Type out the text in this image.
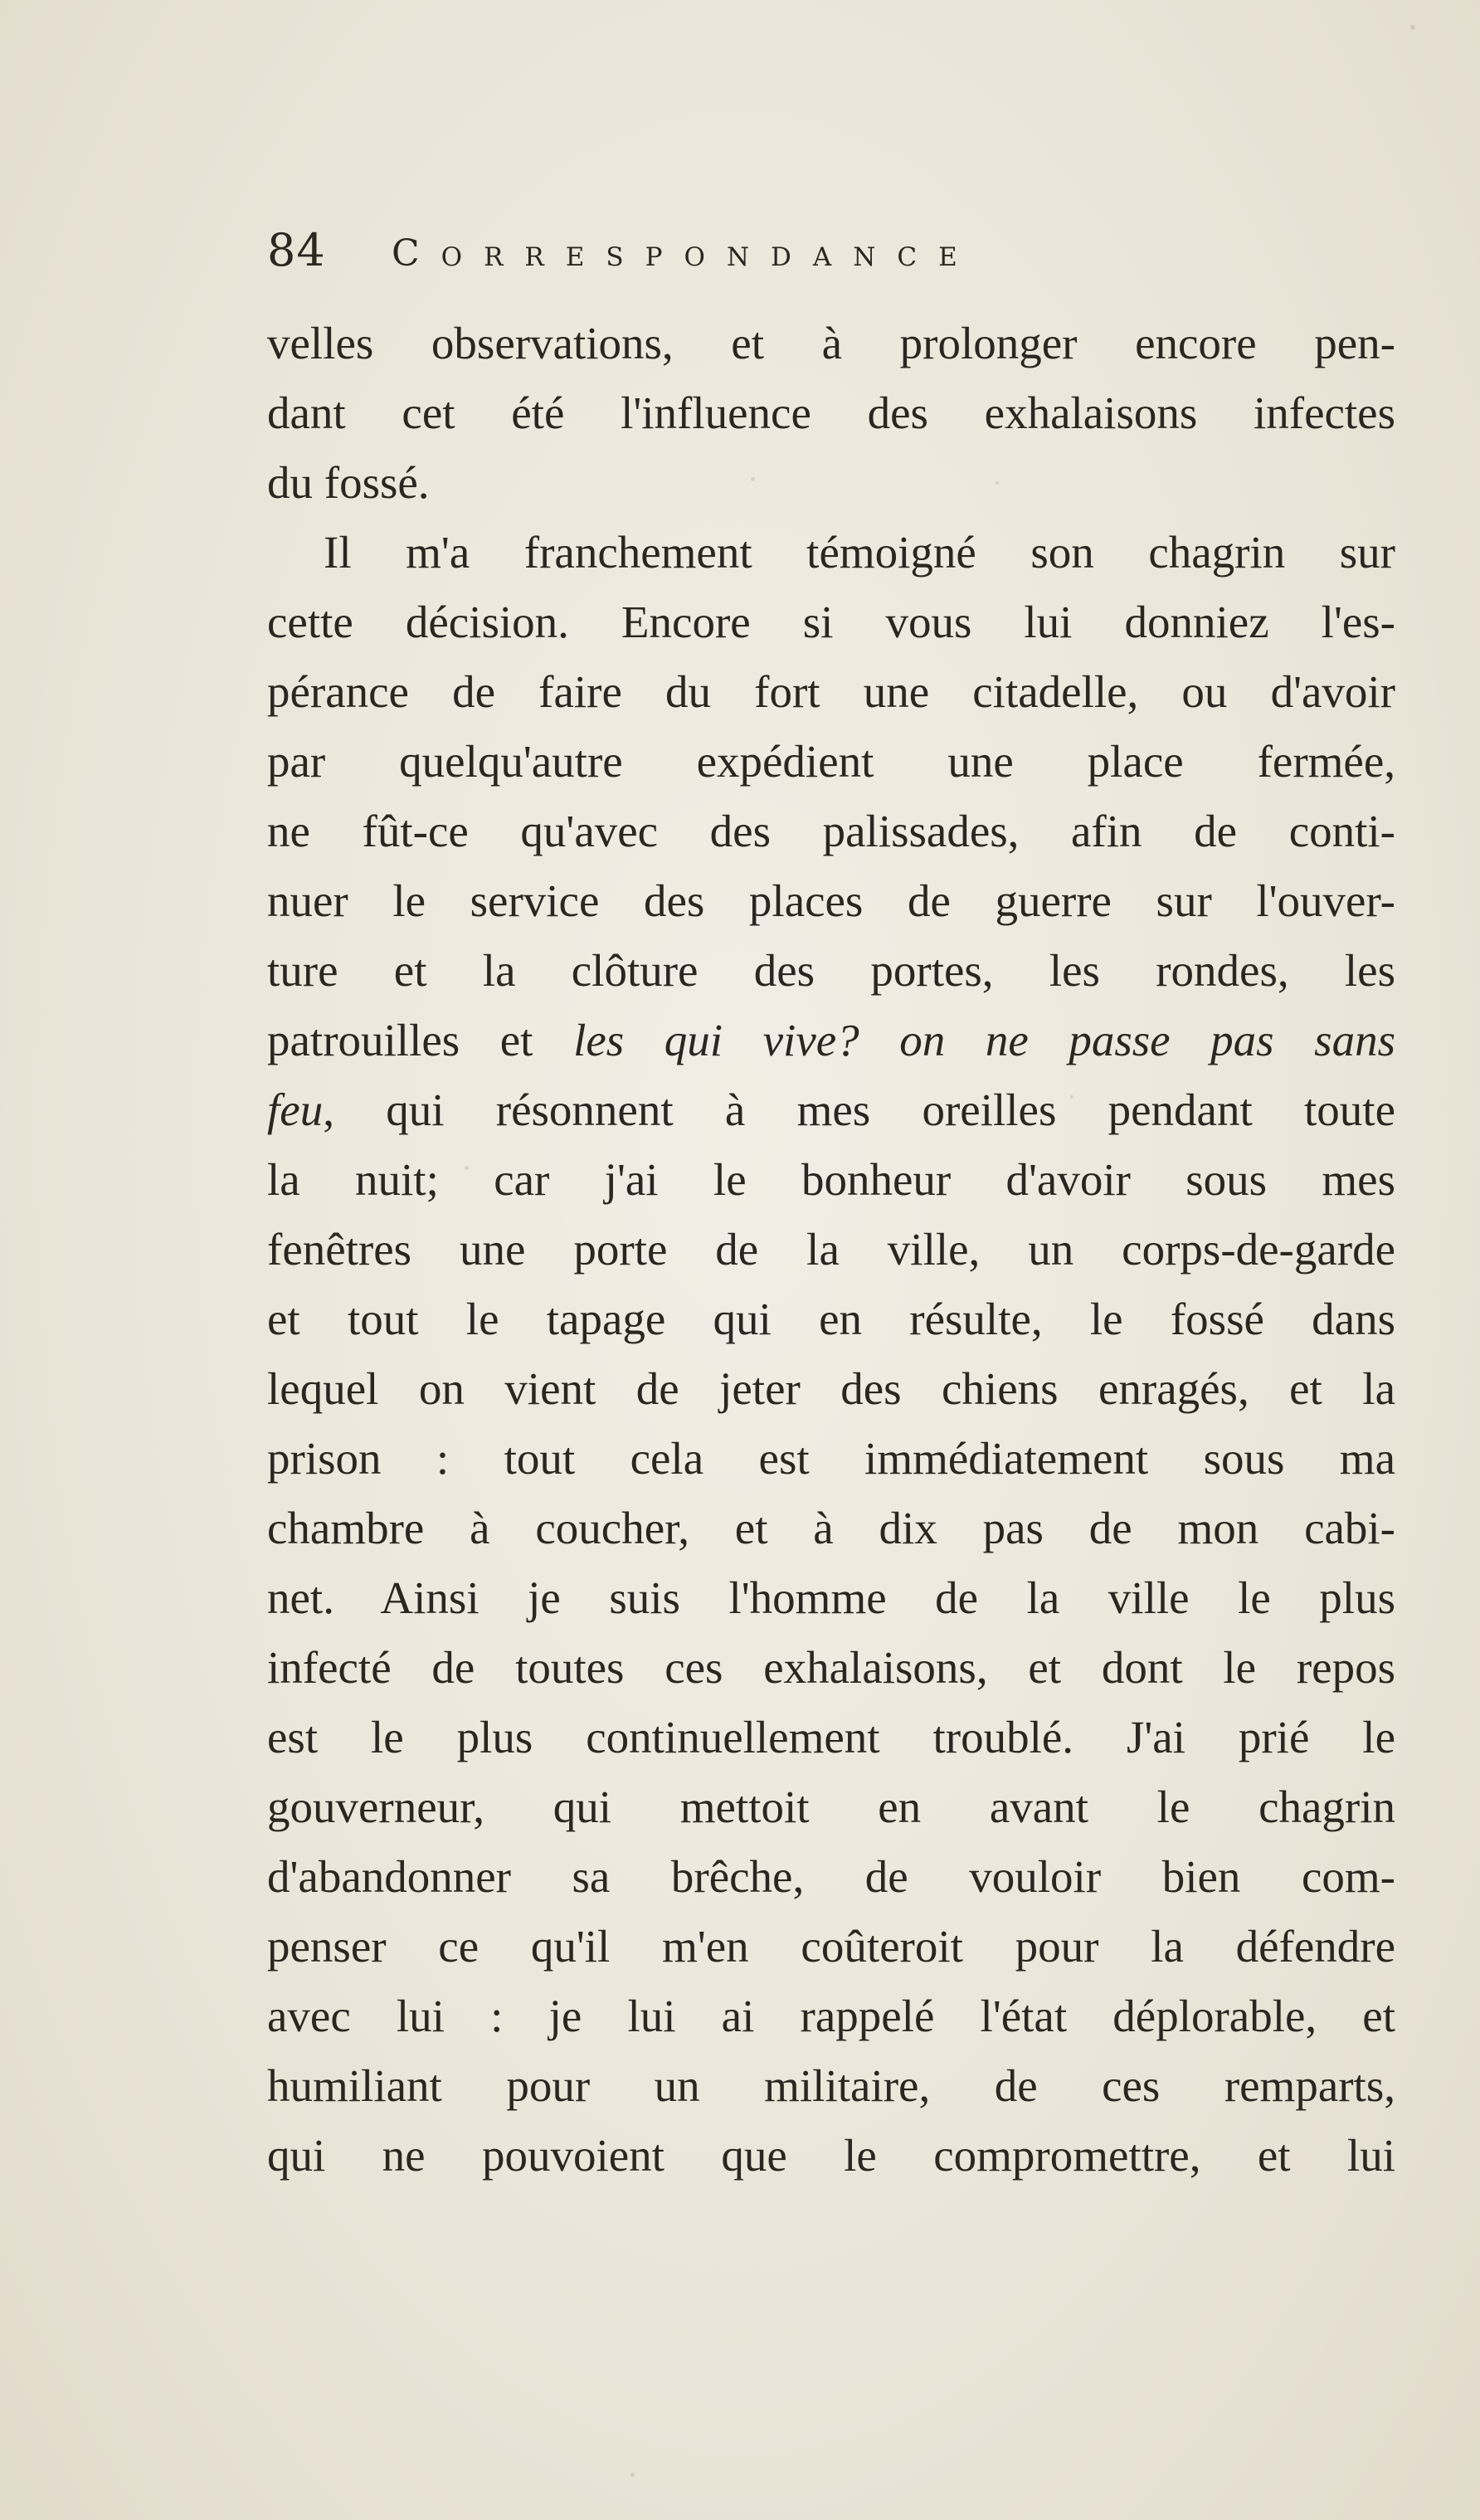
84	Correspondance
velles observations, et à prolonger encore pen-
dant cet été l'influence des exhalaisons infectes
du fossé.
Il m'a franchement témoigné son chagrin sur
cette décision. Encore si vous lui donniez l'es-
pérance de faire du fort une citadelle, ou d'avoir
par quelqu'autre expédient une place fermée,
ne fût-ce qu'avec des palissades, afin de conti-
nuer le service des places de guerre sur l'ouver-
ture et la clôture des portes, les rondes, les
patrouilles et les qui vive? on ne passe pas sans
feu, qui résonnent à mes oreilles pendant toute
la nuit; car j'ai le bonheur d'avoir sous mes
fenêtres une porte de la ville, un corps-de-garde
et tout le tapage qui en résulte, le fossé dans
lequel on vient de jeter des chiens enragés, et la
prison : tout cela est immédiatement sous ma
chambre à coucher, et à dix pas de mon cabi-
net. Ainsi je suis l'homme de la ville le plus
infecté de toutes ces exhalaisons, et dont le repos
est le plus continuellement troublé. J'ai prié le
gouverneur, qui mettoit en avant le chagrin
d'abandonner sa brêche, de vouloir bien com-
penser ce qu'il m'en coûteroit pour la défendre
avec lui : je lui ai rappelé l'état déplorable, et
humiliant pour un militaire, de ces remparts,
qui ne pouvoient que le compromettre, et lui
